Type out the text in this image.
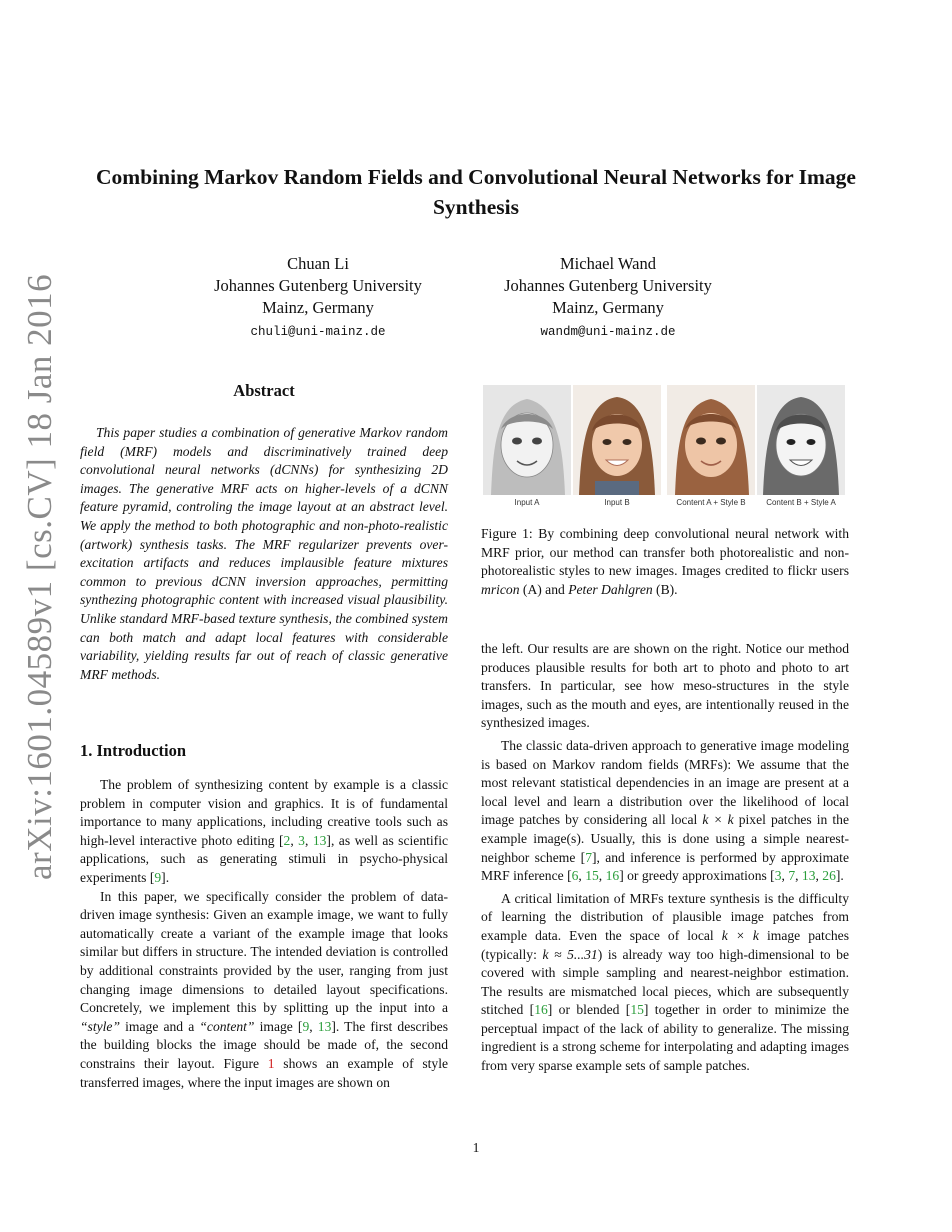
arXiv:1601.04589v1 [cs.CV] 18 Jan 2016
Combining Markov Random Fields and Convolutional Neural Networks for Image Synthesis
Chuan Li
Johannes Gutenberg University
Mainz, Germany
chuli@uni-mainz.de
Michael Wand
Johannes Gutenberg University
Mainz, Germany
wandm@uni-mainz.de
Abstract

This paper studies a combination of generative Markov random field (MRF) models and discriminatively trained deep convolutional neural networks (dCNNs) for synthesizing 2D images. The generative MRF acts on higher-levels of a dCNN feature pyramid, controling the image layout at an abstract level. We apply the method to both photographic and non-photo-realistic (artwork) synthesis tasks. The MRF regularizer prevents over-excitation artifacts and reduces implausible feature mixtures common to previous dCNN inversion approaches, permitting synthezing photographic content with increased visual plausibility. Unlike standard MRF-based texture synthesis, the combined system can both match and adapt local features with considerable variability, yielding results far out of reach of classic generative MRF methods.

1. Introduction

The problem of synthesizing content by example is a classic problem in computer vision and graphics. It is of fundamental importance to many applications, including creative tools such as high-level interactive photo editing [2, 3, 13], as well as scientific applications, such as generating stimuli in psycho-physical experiments [9].

In this paper, we specifically consider the problem of data-driven image synthesis: Given an example image, we want to fully automatically create a variant of the example image that looks similar but differs in structure. The intended deviation is controlled by additional constraints provided by the user, ranging from just changing image dimensions to detailed layout specifications. Concretely, we implement this by splitting up the input into a “style” image and a “content” image [9, 13]. The first describes the building blocks the image should be made of, the second constrains their layout. Figure 1 shows an example of style transferred images, where the input images are shown on

Input A	Input B	Content A + Style B	Content B + Style A
Figure 1: By combining deep convolutional neural network with MRF prior, our method can transfer both photorealistic and non-photorealistic styles to new images. Images credited to flickr users mricon (A) and Peter Dahlgren (B).

the left. Our results are are shown on the right. Notice our method produces plausible results for both art to photo and photo to art transfers. In particular, see how meso-structures in the style images, such as the mouth and eyes, are intentionally reused in the synthesized images.

The classic data-driven approach to generative image modeling is based on Markov random fields (MRFs): We assume that the most relevant statistical dependencies in an image are present at a local level and learn a distribution over the likelihood of local image patches by considering all local k × k pixel patches in the example image(s). Usually, this is done using a simple nearest-neighbor scheme [7], and inference is performed by approximate MRF inference [6, 15, 16] or greedy approximations [3, 7, 13, 26].

A critical limitation of MRFs texture synthesis is the difficulty of learning the distribution of plausible image patches from example data. Even the space of local k × k image patches (typically: k ≈ 5...31) is already way too high-dimensional to be covered with simple sampling and nearest-neighbor estimation. The results are mismatched local pieces, which are subsequently stitched [16] or blended [15] together in order to minimize the perceptual impact of the lack of ability to generalize. The missing ingredient is a strong scheme for interpolating and adapting images from very sparse example sets of sample patches.

1
